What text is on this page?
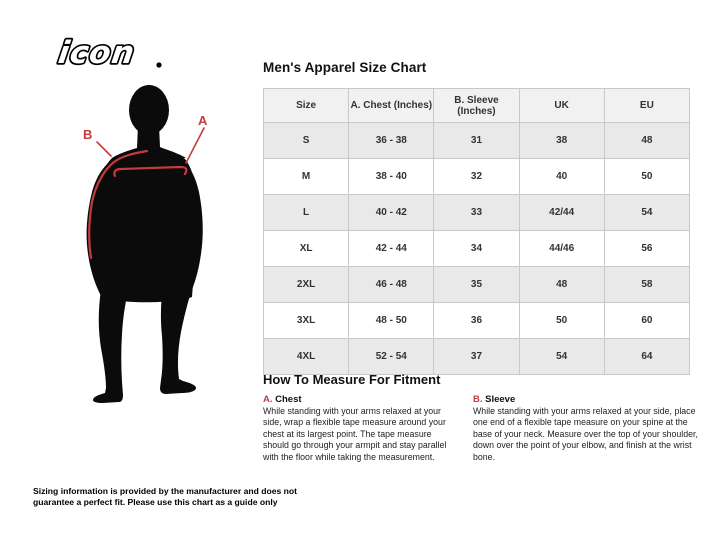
icon
A
B
Men's Apparel Size Chart
Size	A. Chest (Inches)	B. Sleeve (Inches)	UK	EU
S	36 - 38	31	38	48
M	38 - 40	32	40	50
L	40 - 42	33	42/44	54
XL	42 - 44	34	44/46	56
2XL	46 - 48	35	48	58
3XL	48 - 50	36	50	60
4XL	52 - 54	37	54	64
How To Measure For Fitment
A. Chest
While standing with your arms relaxed at your side, wrap a flexible tape measure around your chest at its largest point. The tape measure should go through your armpit and stay parallel with the floor while taking the measurement.
B. Sleeve
While standing with your arms relaxed at your side, place one end of a flexible tape measure on your spine at the base of your neck. Measure over the top of your shoulder, down over the point of your elbow, and finish at the wrist bone.
Sizing information is provided by the manufacturer and does not guarantee a perfect fit. Please use this chart as a guide only
